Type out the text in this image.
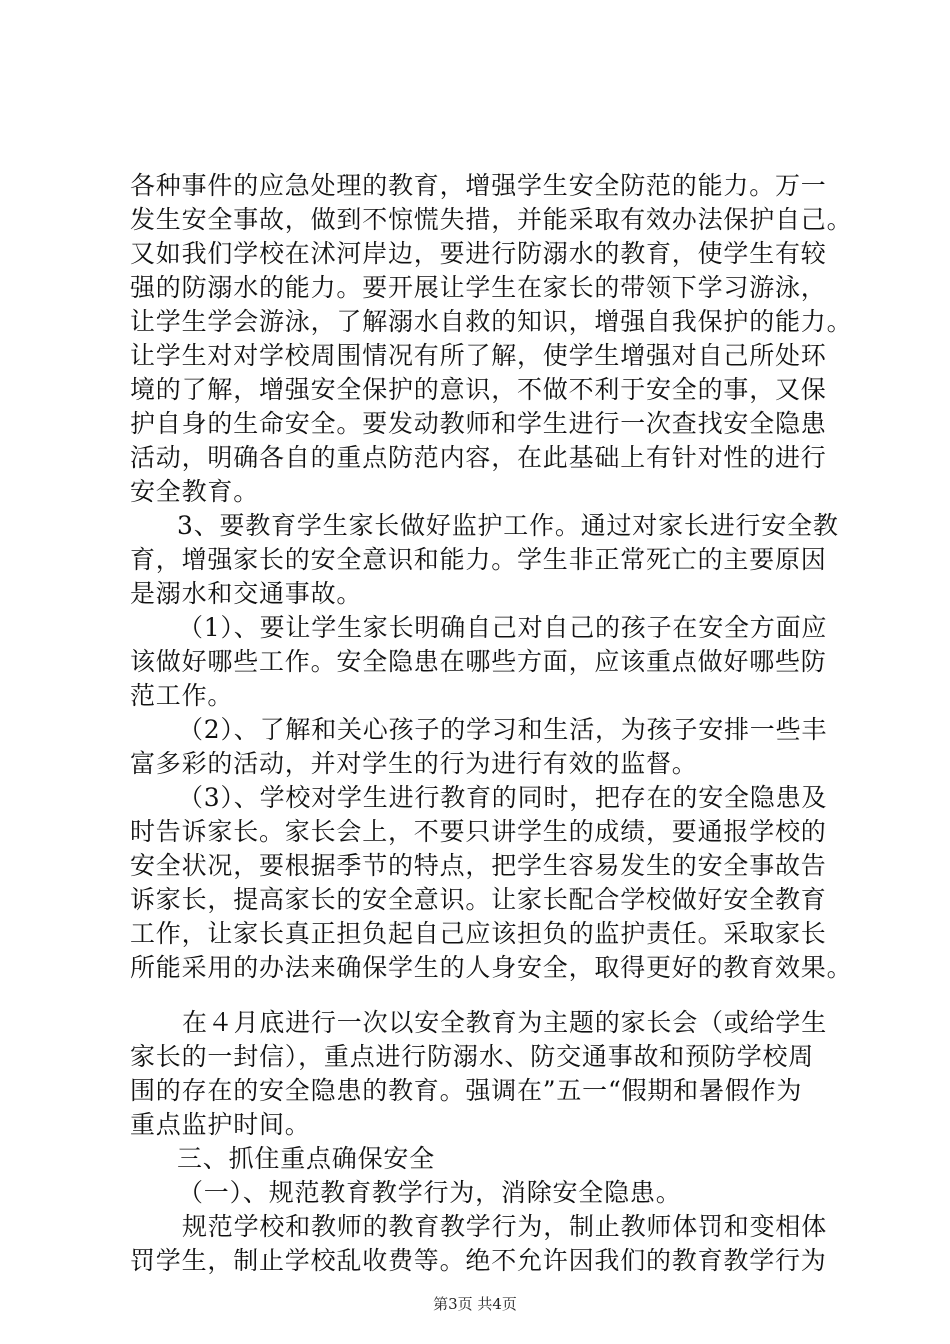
各种事件的应急处理的教育，增强学生安全防范的能力。万一
发生安全事故，做到不惊慌失措，并能采取有效办法保护自己。
又如我们学校在沭河岸边，要进行防溺水的教育，使学生有较
强的防溺水的能力。要开展让学生在家长的带领下学习游泳，
让学生学会游泳，了解溺水自救的知识，增强自我保护的能力。
让学生对对学校周围情况有所了解，使学生增强对自己所处环
境的了解，增强安全保护的意识，不做不利于安全的事，又保
护自身的生命安全。要发动教师和学生进行一次查找安全隐患
活动，明确各自的重点防范内容，在此基础上有针对性的进行
安全教育。
3、要教育学生家长做好监护工作。通过对家长进行安全教
育，增强家长的安全意识和能力。学生非正常死亡的主要原因
是溺水和交通事故。
（1）、要让学生家长明确自己对自己的孩子在安全方面应
该做好哪些工作。安全隐患在哪些方面，应该重点做好哪些防
范工作。
（2）、了解和关心孩子的学习和生活，为孩子安排一些丰
富多彩的活动，并对学生的行为进行有效的监督。
（3）、学校对学生进行教育的同时，把存在的安全隐患及
时告诉家长。家长会上，不要只讲学生的成绩，要通报学校的
安全状况，要根据季节的特点，把学生容易发生的安全事故告
诉家长，提高家长的安全意识。让家长配合学校做好安全教育
工作，让家长真正担负起自己应该担负的监护责任。采取家长
所能采用的办法来确保学生的人身安全，取得更好的教育效果。
在４月底进行一次以安全教育为主题的家长会（或给学生
家长的一封信），重点进行防溺水、防交通事故和预防学校周
围的存在的安全隐患的教育。强调在”五一“假期和暑假作为
重点监护时间。
三、抓住重点确保安全
（一）、规范教育教学行为，消除安全隐患。
规范学校和教师的教育教学行为，制止教师体罚和变相体
罚学生，制止学校乱收费等。绝不允许因我们的教育教学行为
第3页 共4页
